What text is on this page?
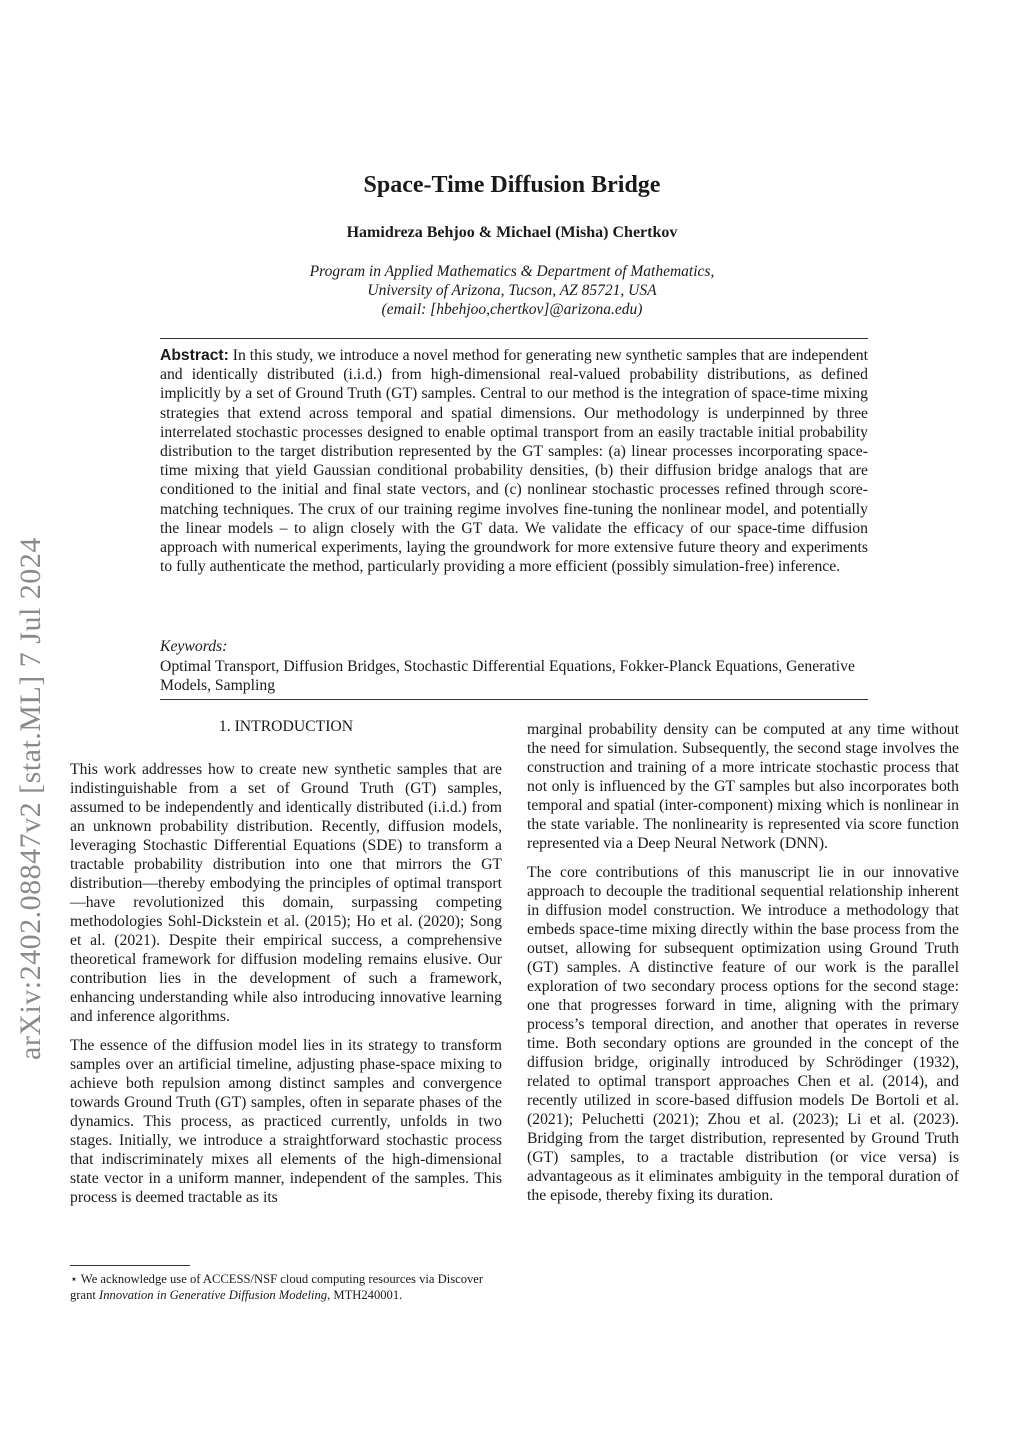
arXiv:2402.08847v2 [stat.ML] 7 Jul 2024
Space-Time Diffusion Bridge
Hamidreza Behjoo & Michael (Misha) Chertkov
Program in Applied Mathematics & Department of Mathematics,
University of Arizona, Tucson, AZ 85721, USA
(email: [hbehjoo,chertkov]@arizona.edu)
Abstract: In this study, we introduce a novel method for generating new synthetic samples that are independent and identically distributed (i.i.d.) from high-dimensional real-valued probability distributions, as defined implicitly by a set of Ground Truth (GT) samples. Central to our method is the integration of space-time mixing strategies that extend across temporal and spatial dimensions. Our methodology is underpinned by three interrelated stochastic processes designed to enable optimal transport from an easily tractable initial probability distribution to the target distribution represented by the GT samples: (a) linear processes incorporating space-time mixing that yield Gaussian conditional probability densities, (b) their diffusion bridge analogs that are conditioned to the initial and final state vectors, and (c) nonlinear stochastic processes refined through score-matching techniques. The crux of our training regime involves fine-tuning the nonlinear model, and potentially the linear models – to align closely with the GT data. We validate the efficacy of our space-time diffusion approach with numerical experiments, laying the groundwork for more extensive future theory and experiments to fully authenticate the method, particularly providing a more efficient (possibly simulation-free) inference.
Keywords:
Optimal Transport, Diffusion Bridges, Stochastic Differential Equations, Fokker-Planck Equations, Generative Models, Sampling
1. INTRODUCTION

This work addresses how to create new synthetic samples that are indistinguishable from a set of Ground Truth (GT) samples, assumed to be independently and identically distributed (i.i.d.) from an unknown probability distribution. Recently, diffusion models, leveraging Stochastic Differential Equations (SDE) to transform a tractable probability distribution into one that mirrors the GT distribution—thereby embodying the principles of optimal transport—have revolutionized this domain, surpassing competing methodologies Sohl-Dickstein et al. (2015); Ho et al. (2020); Song et al. (2021). Despite their empirical success, a comprehensive theoretical framework for diffusion modeling remains elusive. Our contribution lies in the development of such a framework, enhancing understanding while also introducing innovative learning and inference algorithms.

The essence of the diffusion model lies in its strategy to transform samples over an artificial timeline, adjusting phase-space mixing to achieve both repulsion among distinct samples and convergence towards Ground Truth (GT) samples, often in separate phases of the dynamics. This process, as practiced currently, unfolds in two stages. Initially, we introduce a straightforward stochastic process that indiscriminately mixes all elements of the high-dimensional state vector in a uniform manner, independent of the samples. This process is deemed tractable as its

marginal probability density can be computed at any time without the need for simulation. Subsequently, the second stage involves the construction and training of a more intricate stochastic process that not only is influenced by the GT samples but also incorporates both temporal and spatial (inter-component) mixing which is nonlinear in the state variable. The nonlinearity is represented via score function represented via a Deep Neural Network (DNN).

The core contributions of this manuscript lie in our innovative approach to decouple the traditional sequential relationship inherent in diffusion model construction. We introduce a methodology that embeds space-time mixing directly within the base process from the outset, allowing for subsequent optimization using Ground Truth (GT) samples. A distinctive feature of our work is the parallel exploration of two secondary process options for the second stage: one that progresses forward in time, aligning with the primary process’s temporal direction, and another that operates in reverse time. Both secondary options are grounded in the concept of the diffusion bridge, originally introduced by Schrödinger (1932), related to optimal transport approaches Chen et al. (2014), and recently utilized in score-based diffusion models De Bortoli et al. (2021); Peluchetti (2021); Zhou et al. (2023); Li et al. (2023). Bridging from the target distribution, represented by Ground Truth (GT) samples, to a tractable distribution (or vice versa) is advantageous as it eliminates ambiguity in the temporal duration of the episode, thereby fixing its duration.

⋆ We acknowledge use of ACCESS/NSF cloud computing resources via Discover grant Innovation in Generative Diffusion Modeling, MTH240001.
